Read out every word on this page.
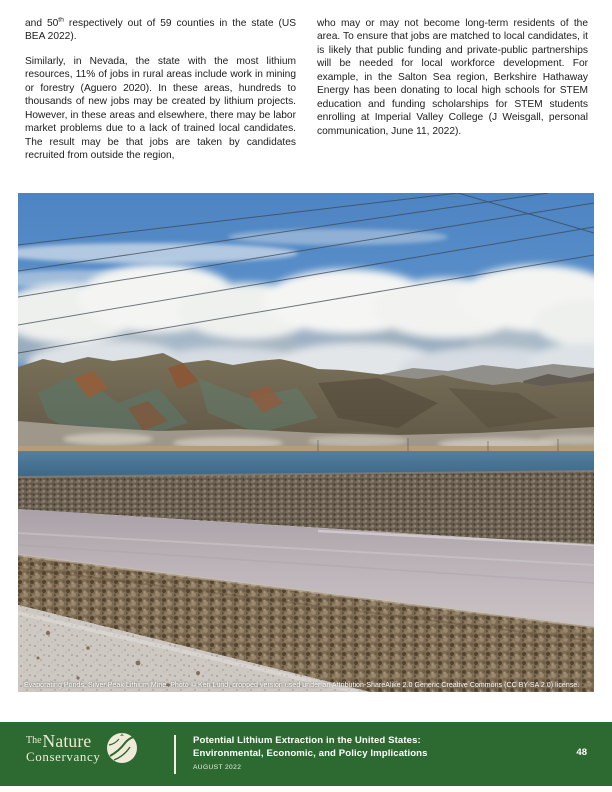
and 50th respectively out of 59 counties in the state (US BEA 2022).

Similarly, in Nevada, the state with the most lithium resources, 11% of jobs in rural areas include work in mining or forestry (Aguero 2020). In these areas, hundreds to thousands of new jobs may be created by lithium projects. However, in these areas and elsewhere, there may be labor market problems due to a lack of trained local candidates. The result may be that jobs are taken by candidates recruited from outside the region,

who may or may not become long-term residents of the area. To ensure that jobs are matched to local candidates, it is likely that public funding and private-public partnerships will be needed for local workforce development. For example, in the Salton Sea region, Berkshire Hathaway Energy has been donating to local high schools for STEM education and funding scholarships for STEM students enrolling at Imperial Valley College (J Weisgall, personal communication, June 11, 2022).

Evaporating Ponds, Silver Peak Lithium Mine. Photo © Ken Lund, cropped version used under an Attribution-ShareAlike 2.0 Generic Creative Commons (CC BY-SA 2.0) license.
$^{The}$Nature
Conservancy
Potential Lithium Extraction in the United States:
Environmental, Economic, and Policy Implications
AUGUST 2022
48
